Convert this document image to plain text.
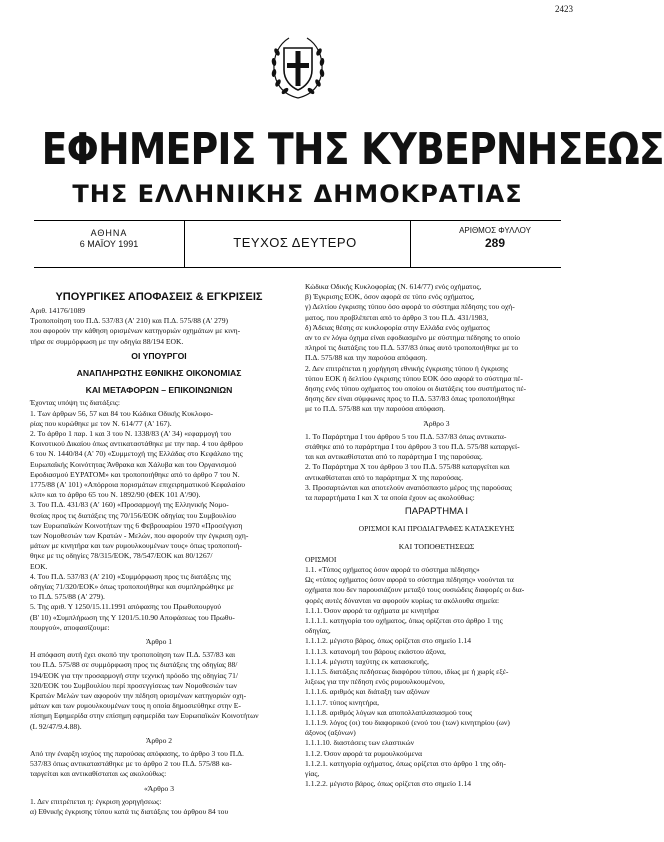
2423
ΕΦΗΜΕΡΙΣ ΤΗΣ ΚΥΒΕΡΝΗΣΕΩΣ
ΤΗΣ ΕΛΛΗΝΙΚΗΣ ΔΗΜΟΚΡΑΤΙΑΣ
ΑΘΗΝΑ
6 ΜΑΪΟΥ 1991	ΤΕΥΧΟΣ ΔΕΥΤΕΡΟ
ΑΡΙΘΜΟΣ ΦΥΛΛΟΥ
289
ΥΠΟΥΡΓΙΚΕΣ ΑΠΟΦΑΣΕΙΣ & ΕΓΚΡΙΣΕΙΣ
Αριθ. 14176/1089
Τροποποίηση του Π.Δ. 537/83 (Α' 210) και Π.Δ. 575/88 (Α' 279)
που αφορούν την κάθηση ορισμένων κατηγοριών οχημάτων με κινη-
τήρα σε συμμόρφωση με την οδηγία 88/194 ΕΟΚ.
ΟΙ ΥΠΟΥΡΓΟΙ
ΑΝΑΠΛΗΡΩΤΗΣ ΕΘΝΙΚΗΣ ΟΙΚΟΝΟΜΙΑΣ
ΚΑΙ ΜΕΤΑΦΟΡΩΝ – ΕΠΙΚΟΙΝΩΝΙΩΝ
Έχοντας υπόψη τις διατάξεις:
1. Των άρθρων 56, 57 και 84 του Κώδικα Οδικής Κυκλοφο-
ρίας που κυρώθηκε με τον Ν. 614/77 (Α' 167).
2. Το άρθρο 1 παρ. 1 και 3 του Ν. 1338/83 (Α' 34) «εφαρμογή του
Κοινοτικού Δικαίου όπως αντικαταστάθηκε με την παρ. 4 του άρθρου
6 του Ν. 1440/84 (Α' 70) «Συμμετοχή της Ελλάδας στο Κεφάλαιο της
Ευρωπαϊκής Κοινότητας Άνθρακα και Χάλυβα και του Οργανισμού
Εφοδιασμού ΕΥΡΑΤΟΜ» και τροποποιήθηκε από το άρθρο 7 του Ν.
1775/88 (Α' 101) «Απόρροια πορισμάτων επιχειρηματικού Κεφαλαίου
κλπ» και το άρθρο 65 του Ν. 1892/90 (ΦΕΚ 101 Α'/90).
3. Του Π.Δ. 431/83 (Α' 160) «Προσαρμογή της Ελληνικής Νομο-
θεσίας προς τις διατάξεις της 70/156/ΕΟΚ οδηγίας του Συμβουλίου
των Ευρωπαϊκών Κοινοτήτων της 6 Φεβρουαρίου 1970 «Προσέγγιση
των Νομοθεσιών των Κρατών - Μελών, που αφορούν την έγκριση οχη-
μάτων με κινητήρα και των ρυμουλκουμένων τους» όπως τροποποιή-
θηκε με τις οδηγίες 78/315/ΕΟΚ, 78/547/ΕΟΚ και 80/1267/
ΕΟΚ.
4. Του Π.Δ. 537/83 (Α' 210) «Συμμόρφωση προς τις διατάξεις της
οδηγίας 71/320/ΕΟΚ» όπως τροποποιήθηκε και συμπληρώθηκε με
το Π.Δ. 575/88 (Α' 279).
5. Της αριθ. Υ 1250/15.11.1991 απόφασης του Πρωθυπουργού
(Β' 10) «Συμπλήρωση της Υ 1201/5.10.90 Αποφάσεως του Πρωθυ-
πουργού», αποφασίζουμε:
Άρθρο 1
Η απόφαση αυτή έχει σκοπό την τροποποίηση των Π.Δ. 537/83 και
του Π.Δ. 575/88 σε συμμόρφωση προς τις διατάξεις της οδηγίας 88/
194/ΕΟΚ για την προσαρμογή στην τεχνική πρόοδο της οδηγίας 71/
320/ΕΟΚ του Συμβουλίου περί προσεγγίσεως των Νομοθεσιών των
Κρατών Μελών των αφορούν την πέδηση ορισμένων κατηγοριών οχη-
μάτων και των ρυμουλκουμένων τους η οποία δημοσιεύθηκε στην Ε-
πίσημη Εφημερίδα στην επίσημη εφημερίδα των Ευρωπαϊκών Κοινοτήτων
(L 92/47/9.4.88).
Άρθρο 2
Από την έναρξη ισχύος της παρούσας απόφασης, το άρθρο 3 του Π.Δ.
537/83 όπως αντικαταστάθηκε με το άρθρο 2 του Π.Δ. 575/88 κα-
ταργείται και αντικαθίσταται ως ακολούθως:
«Άρθρο 3
1. Δεν επιτρέπεται η: έγκριση χορηγήσεως:
α) Εθνικής έγκρισης τύπου κατά τις διατάξεις του άρθρου 84 του
Κώδικα Οδικής Κυκλοφορίας (Ν. 614/77) ενός οχήματος,
β) Έγκρισης ΕΟΚ, όσον αφορά σε τύπο ενός οχήματος,
γ) Δελτίου έγκρισης τύπου όσο αφορά το σύστημα πέδησης του οχή-
ματος, που προβλέπεται από το άρθρο 3 του Π.Δ. 431/1983,
δ) Άδειας θέσης σε κυκλοφορία στην Ελλάδα ενός οχήματος
αν το εν λόγω όχημα είναι εφοδιασμένο με σύστημα πέδησης το οποίο
πληροί τις διατάξεις του Π.Δ. 537/83 όπως αυτό τροποποιήθηκε με το
Π.Δ. 575/88 και την παρούσα απόφαση.
2. Δεν επιτρέπεται η χορήγηση εθνικής έγκρισης τύπου ή έγκρισης
τύπου ΕΟΚ ή δελτίου έγκρισης τύπου ΕΟΚ όσο αφορά το σύστημα πέ-
δησης ενός τύπου οχήματος του οποίου οι διατάξεις του συστήματος πέ-
δησης δεν είναι σύμφωνες προς το Π.Δ. 537/83 όπως τροποποιήθηκε
με το Π.Δ. 575/88 και την παρούσα απόφαση.
Άρθρο 3
1. Το Παράρτημα Ι του άρθρου 5 του Π.Δ. 537/83 όπως αντικατα-
στάθηκε από το παράρτημα Ι του άρθρου 3 του Π.Δ. 575/88 καταργεί-
ται και αντικαθίσταται από το παράρτημα Ι της παρούσας.
2. Το Παράρτημα Χ του άρθρου 3 του Π.Δ. 575/88 καταργείται και
αντικαθίσταται από το παράρτημα Χ της παρούσας.
3. Προσαρτώνται και αποτελούν αναπόσπαστο μέρος της παρούσας
τα παραρτήματα Ι και Χ τα οποία έχουν ως ακολούθως:
ΠΑΡΑΡΤΗΜΑ Ι
ΟΡΙΣΜΟΙ ΚΑΙ ΠΡΟΔΙΑΓΡΑΦΕΣ ΚΑΤΑΣΚΕΥΗΣ
ΚΑΙ ΤΟΠΟΘΕΤΗΣΕΩΣ
ΟΡΙΣΜΟΙ
1.1. «Τύπος οχήματος όσον αφορά το σύστημα πέδησης»
Ως «τύπος οχήματος όσον αφορά το σύστημα πέδησης» νοούνται τα
οχήματα που δεν παρουσιάζουν μεταξύ τους ουσιώδεις διαφορές οι δια-
φορές αυτές δύνανται να αφορούν κυρίως τα ακόλουθα σημεία:
1.1.1. Όσον αφορά τα οχήματα με κινητήρα
1.1.1.1. κατηγορία του οχήματος, όπως ορίζεται στο άρθρο 1 της
οδηγίας,
1.1.1.2. μέγιστο βάρος, όπως ορίζεται στο σημείο 1.14
1.1.1.3. κατανομή του βάρους εκάστου άξονα,
1.1.1.4. μέγιστη ταχύτης εκ κατασκευής,
1.1.1.5. διατάξεις πεδήσεως διαφόρου τύπου, ιδίως με ή χωρίς εξέ-
λιξεως για την πέδηση ενός ρυμουλκουμένου,
1.1.1.6. αριθμός και διάταξη των αξόνων
1.1.1.7. τύπος κινητήρα,
1.1.1.8. αριθμός λόγων και αποπολλαπλασιασμού τους
1.1.1.9. λόγος (οι) του διαφορικού (ενού του (των) κινητηρίου (ων)
άξονος (αξόνων)
1.1.1.10. διαστάσεις των ελαστικών
1.1.2. Όσον αφορά τα ρυμουλκούμενα
1.1.2.1. κατηγορία οχήματος, όπως ορίζεται στο άρθρο 1 της οδη-
γίας,
1.1.2.2. μέγιστο βάρος, όπως ορίζεται στο σημείο 1.14
